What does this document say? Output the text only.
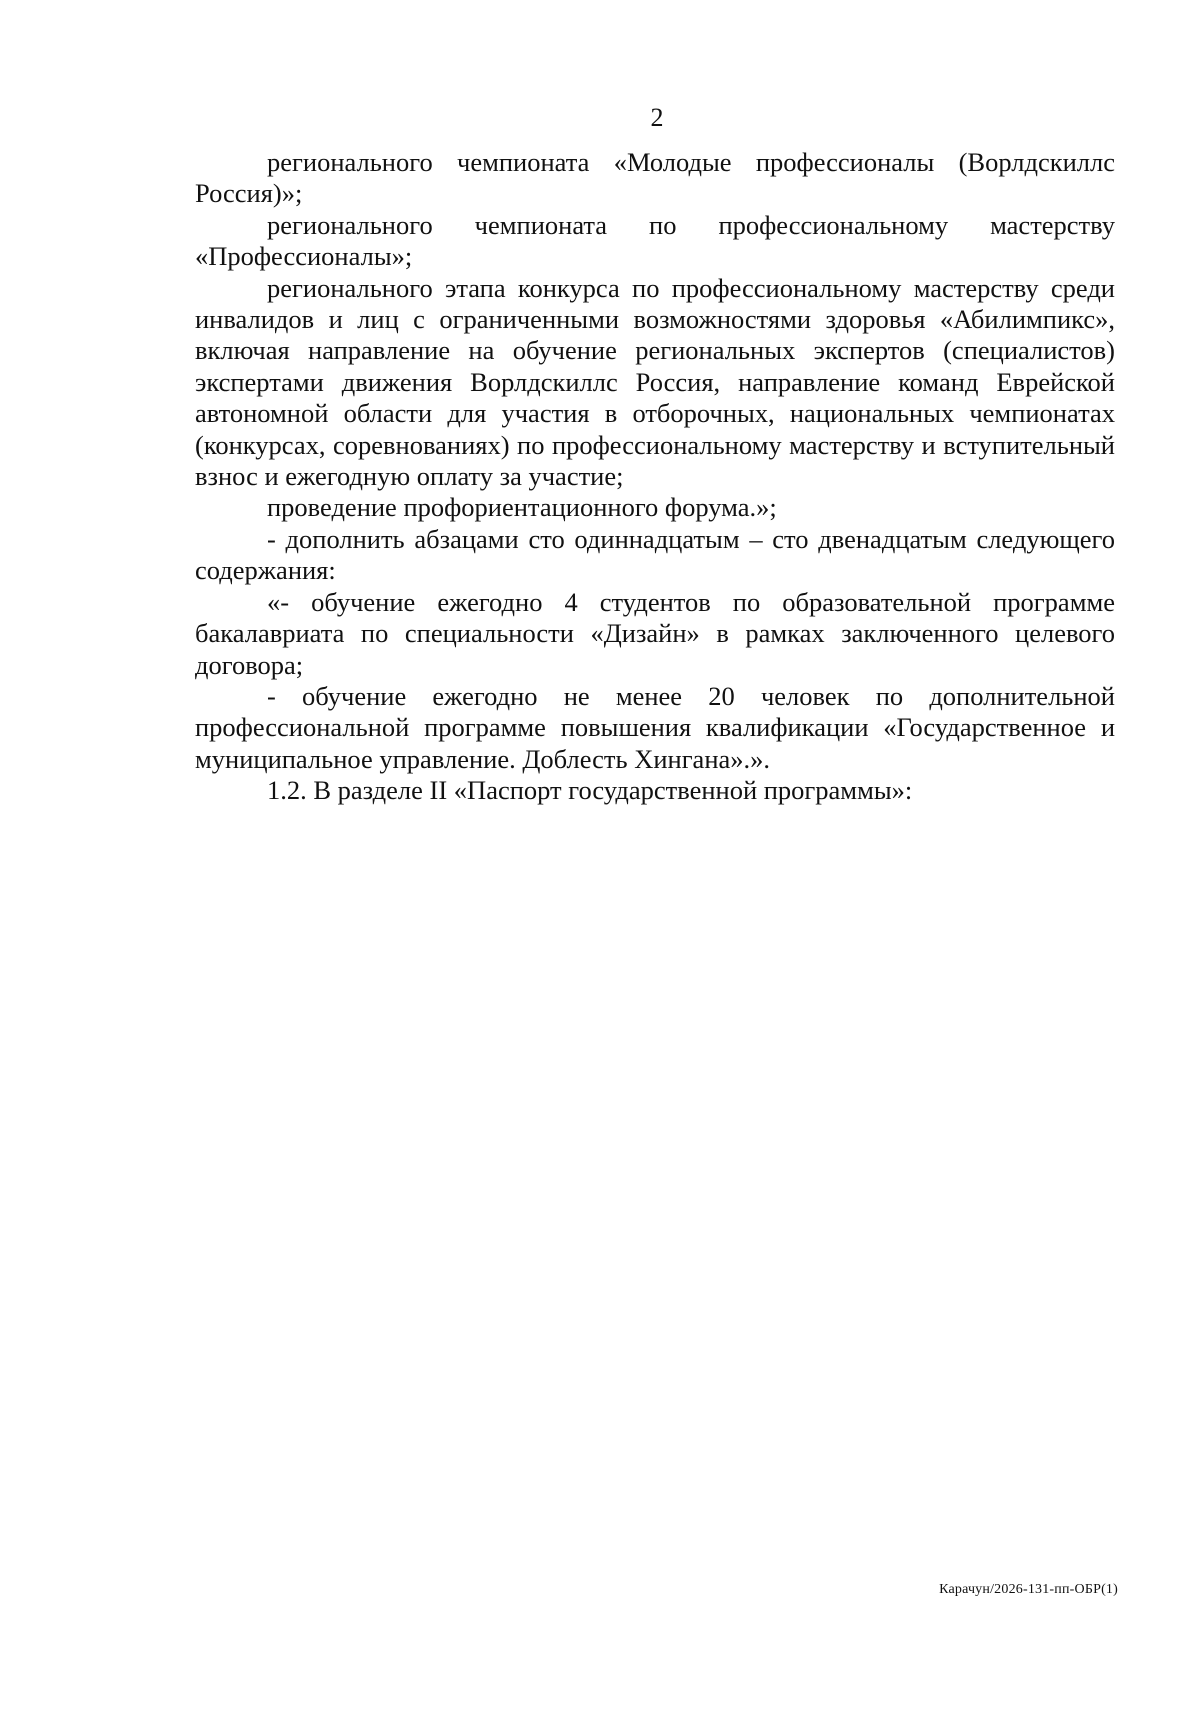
2

регионального чемпионата «Молодые профессионалы (Ворлдскиллс Россия)»;

регионального чемпионата по профессиональному мастерству «Профессионалы»;

регионального этапа конкурса по профессиональному мастерству среди инвалидов и лиц с ограниченными возможностями здоровья «Абилимпикс», включая направление на обучение региональных экспертов (специалистов) экспертами движения Ворлдскиллс Россия, направление команд Еврейской автономной области для участия в отборочных, национальных чемпионатах (конкурсах, соревнованиях) по профессиональному мастерству и вступительный взнос и ежегодную оплату за участие;

проведение профориентационного форума.»;

- дополнить абзацами сто одиннадцатым – сто двенадцатым следующего содержания:

«- обучение ежегодно 4 студентов по образовательной программе бакалавриата по специальности «Дизайн» в рамках заключенного целевого договора;

- обучение ежегодно не менее 20 человек по дополнительной профессиональной программе повышения квалификации «Государственное и муниципальное управление. Доблесть Хингана».».

1.2. В разделе II «Паспорт государственной программы»:

Карачун/2026-131-пп-ОБР(1)
